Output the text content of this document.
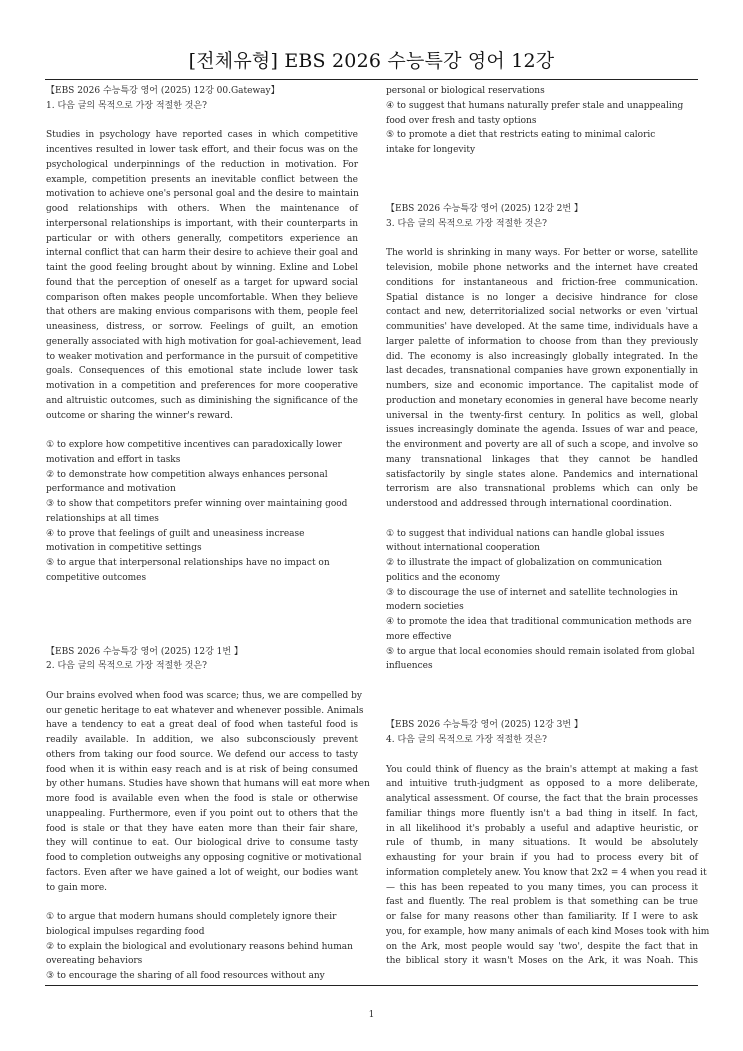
[전체유형] EBS 2026 수능특강 영어 12강
【EBS 2026 수능특강 영어 (2025) 12강 00.Gateway】
1. 다음 글의 목적으로 가장 적절한 것은?
Studies in psychology have reported cases in which competitive
incentives resulted in lower task effort, and their focus was on the
psychological underpinnings of the reduction in motivation. For
example, competition presents an inevitable conflict between the
motivation to achieve one's personal goal and the desire to maintain
good relationships with others. When the maintenance of
interpersonal relationships is important, with their counterparts in
particular or with others generally, competitors experience an
internal conflict that can harm their desire to achieve their goal and
taint the good feeling brought about by winning. Exline and Lobel
found that the perception of oneself as a target for upward social
comparison often makes people uncomfortable. When they believe
that others are making envious comparisons with them, people feel
uneasiness, distress, or sorrow. Feelings of guilt, an emotion
generally associated with high motivation for goal-achievement, lead
to weaker motivation and performance in the pursuit of competitive
goals. Consequences of this emotional state include lower task
motivation in a competition and preferences for more cooperative
and altruistic outcomes, such as diminishing the significance of the
outcome or sharing the winner's reward.
① to explore how competitive incentives can paradoxically lower
motivation and effort in tasks
② to demonstrate how competition always enhances personal
performance and motivation
③ to show that competitors prefer winning over maintaining good
relationships at all times
④ to prove that feelings of guilt and uneasiness increase
motivation in competitive settings
⑤ to argue that interpersonal relationships have no impact on
competitive outcomes
【EBS 2026 수능특강 영어 (2025) 12강 1번 】
2. 다음 글의 목적으로 가장 적절한 것은?
Our brains evolved when food was scarce; thus, we are compelled by
our genetic heritage to eat whatever and whenever possible. Animals
have a tendency to eat a great deal of food when tasteful food is
readily available. In addition, we also subconsciously prevent
others from taking our food source. We defend our access to tasty
food when it is within easy reach and is at risk of being consumed
by other humans. Studies have shown that humans will eat more when
more food is available even when the food is stale or otherwise
unappealing. Furthermore, even if you point out to others that the
food is stale or that they have eaten more than their fair share,
they will continue to eat. Our biological drive to consume tasty
food to completion outweighs any opposing cognitive or motivational
factors. Even after we have gained a lot of weight, our bodies want
to gain more.
① to argue that modern humans should completely ignore their
biological impulses regarding food
② to explain the biological and evolutionary reasons behind human
overeating behaviors
③ to encourage the sharing of all food resources without any
personal or biological reservations
④ to suggest that humans naturally prefer stale and unappealing
food over fresh and tasty options
⑤ to promote a diet that restricts eating to minimal caloric
intake for longevity
【EBS 2026 수능특강 영어 (2025) 12강 2번 】
3. 다음 글의 목적으로 가장 적절한 것은?
The world is shrinking in many ways. For better or worse, satellite
television, mobile phone networks and the internet have created
conditions for instantaneous and friction-free communication.
Spatial distance is no longer a decisive hindrance for close
contact and new, deterritorialized social networks or even 'virtual
communities' have developed. At the same time, individuals have a
larger palette of information to choose from than they previously
did. The economy is also increasingly globally integrated. In the
last decades, transnational companies have grown exponentially in
numbers, size and economic importance. The capitalist mode of
production and monetary economies in general have become nearly
universal in the twenty-first century. In politics as well, global
issues increasingly dominate the agenda. Issues of war and peace,
the environment and poverty are all of such a scope, and involve so
many transnational linkages that they cannot be handled
satisfactorily by single states alone. Pandemics and international
terrorism are also transnational problems which can only be
understood and addressed through international coordination.
① to suggest that individual nations can handle global issues
without international cooperation
② to illustrate the impact of globalization on communication
politics and the economy
③ to discourage the use of internet and satellite technologies in
modern societies
④ to promote the idea that traditional communication methods are
more effective
⑤ to argue that local economies should remain isolated from global
influences
【EBS 2026 수능특강 영어 (2025) 12강 3번 】
4. 다음 글의 목적으로 가장 적절한 것은?
You could think of fluency as the brain's attempt at making a fast
and intuitive truth-judgment as opposed to a more deliberate,
analytical assessment. Of course, the fact that the brain processes
familiar things more fluently isn't a bad thing in itself. In fact,
in all likelihood it's probably a useful and adaptive heuristic, or
rule of thumb, in many situations. It would be absolutely
exhausting for your brain if you had to process every bit of
information completely anew. You know that 2x2 = 4 when you read it
— this has been repeated to you many times, you can process it
fast and fluently. The real problem is that something can be true
or false for many reasons other than familiarity. If I were to ask
you, for example, how many animals of each kind Moses took with him
on the Ark, most people would say 'two', despite the fact that in
the biblical story it wasn't Moses on the Ark, it was Noah. This
1
